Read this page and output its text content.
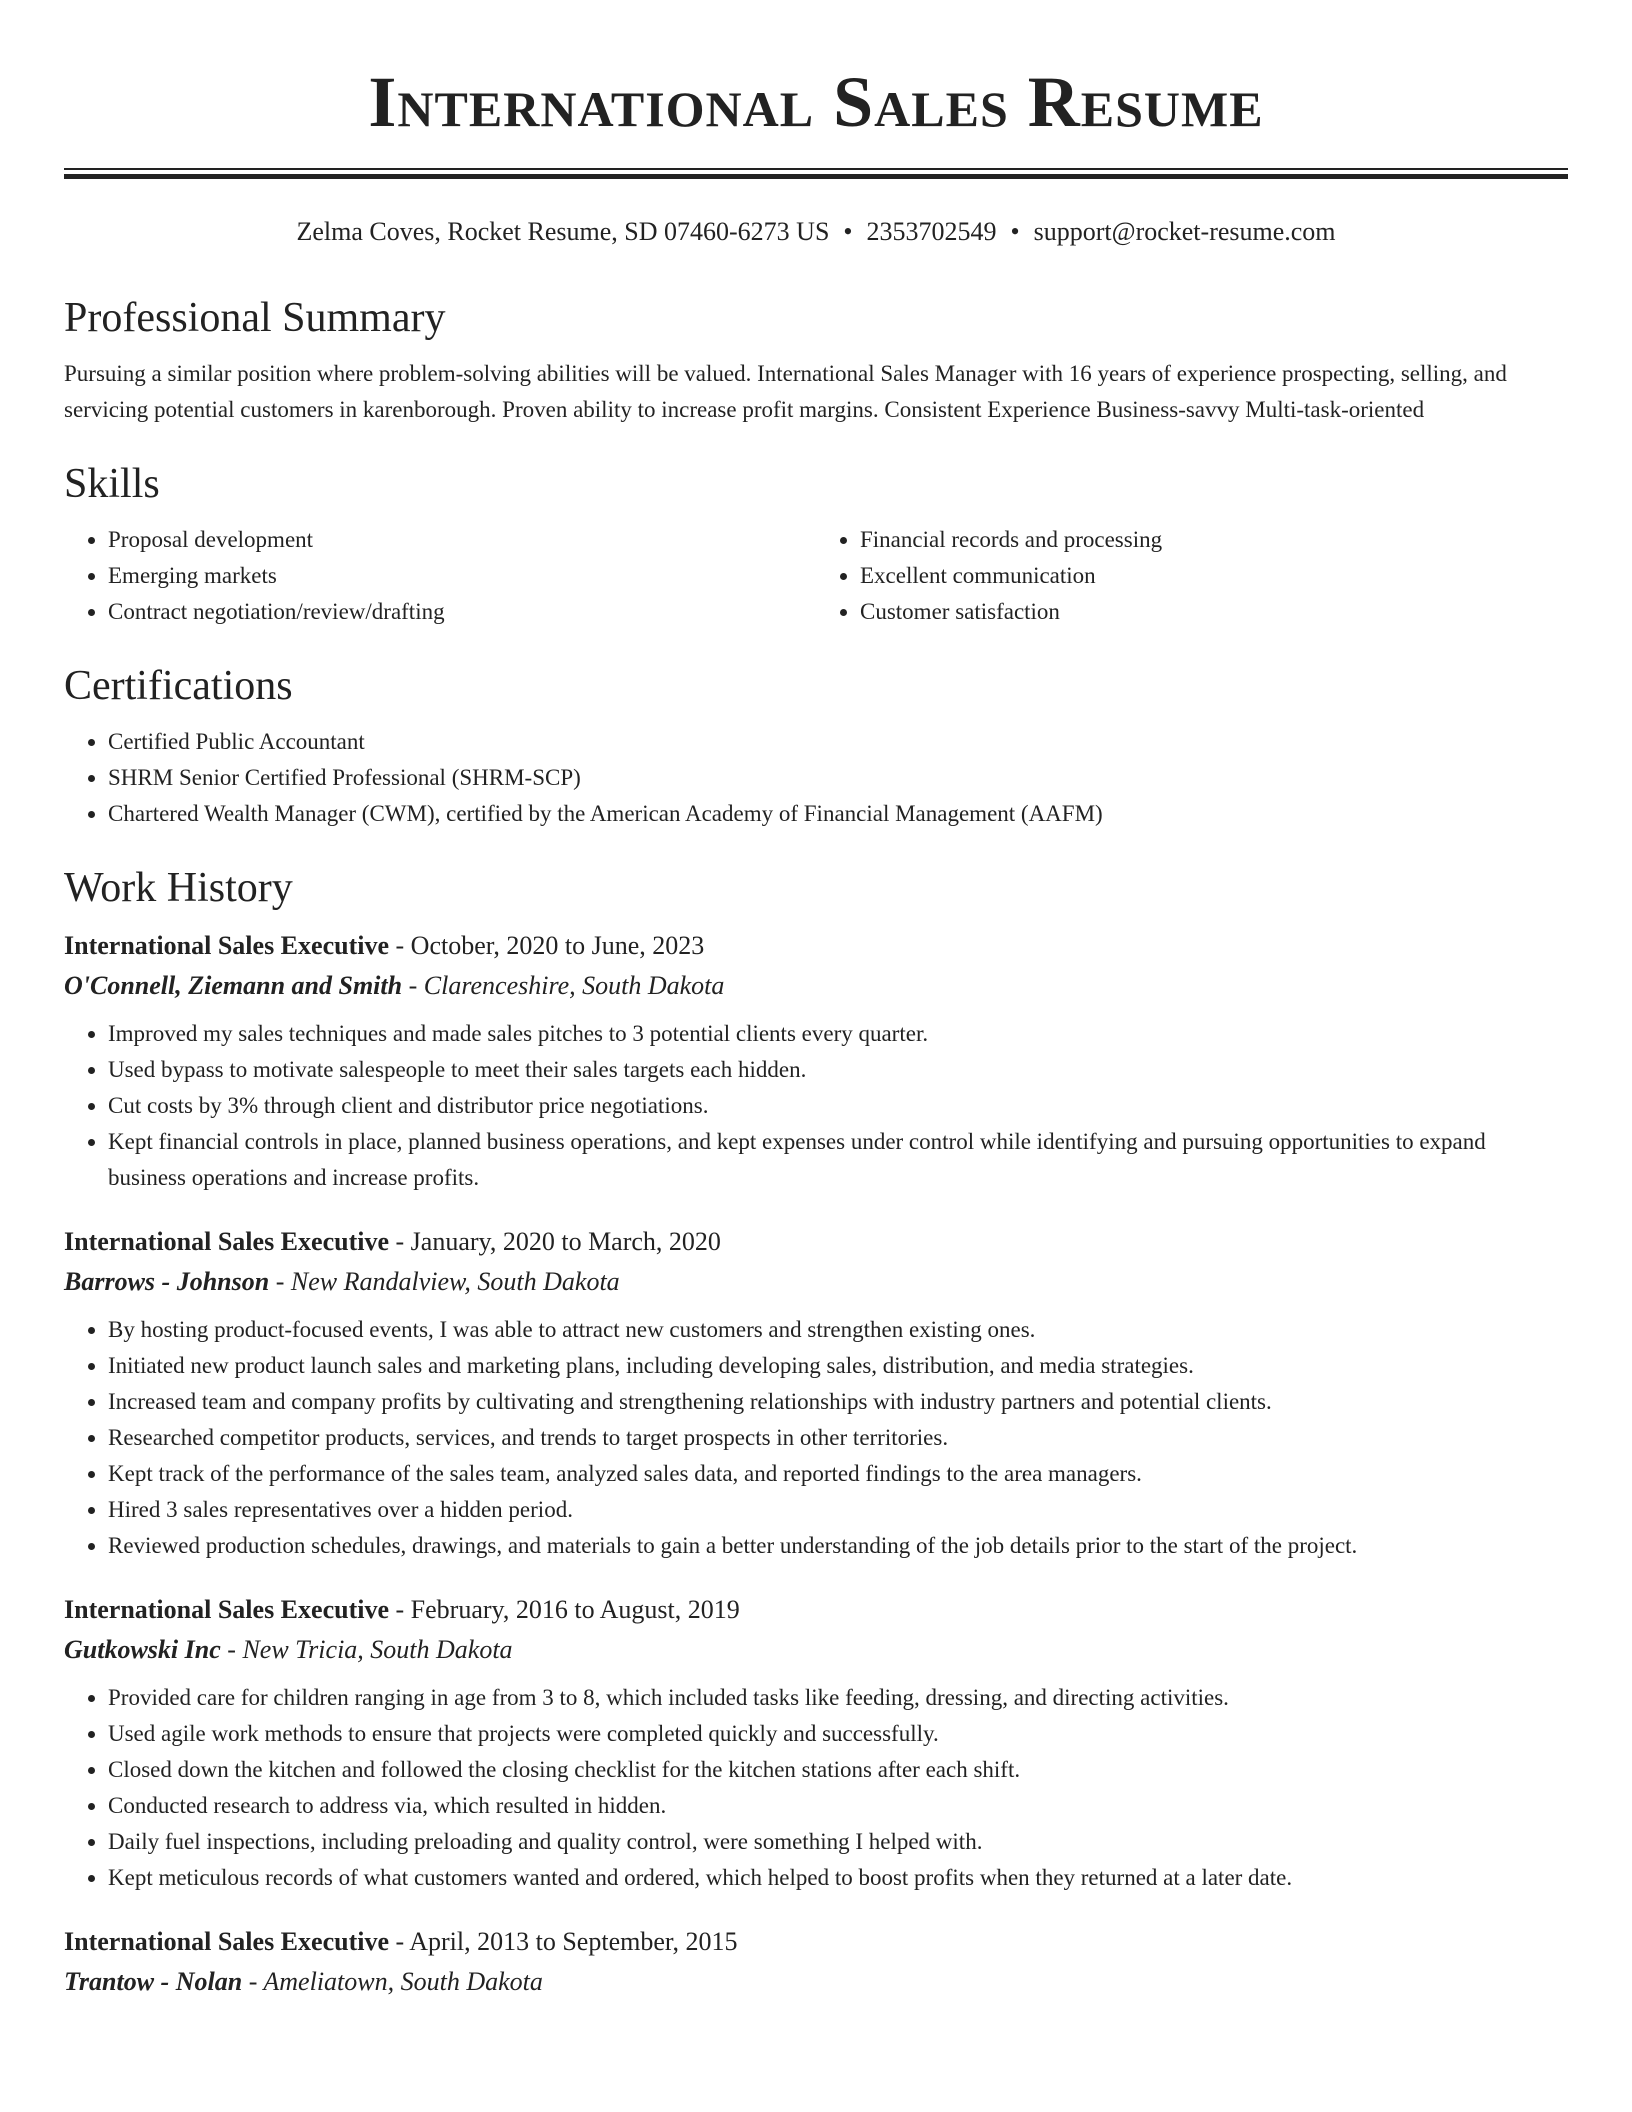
International Sales Resume
Zelma Coves, Rocket Resume, SD 07460-6273 US • 2353702549 • support@rocket-resume.com
Professional Summary

Pursuing a similar position where problem-solving abilities will be valued. International Sales Manager with 16 years of experience prospecting, selling, and servicing potential customers in karenborough. Proven ability to increase profit margins. Consistent Experience Business-savvy Multi-task-oriented

Skills
• Proposal development
• Emerging markets
• Contract negotiation/review/drafting
• Financial records and processing
• Excellent communication
• Customer satisfaction
Certifications
• Certified Public Accountant
• SHRM Senior Certified Professional (SHRM-SCP)
• Chartered Wealth Manager (CWM), certified by the American Academy of Financial Management (AAFM)
Work History
International Sales Executive - October, 2020 to June, 2023
O'Connell, Ziemann and Smith - Clarenceshire, South Dakota
• Improved my sales techniques and made sales pitches to 3 potential clients every quarter.
• Used bypass to motivate salespeople to meet their sales targets each hidden.
• Cut costs by 3% through client and distributor price negotiations.
• Kept financial controls in place, planned business operations, and kept expenses under control while identifying and pursuing opportunities to expand business operations and increase profits.
International Sales Executive - January, 2020 to March, 2020
Barrows - Johnson - New Randalview, South Dakota
• By hosting product-focused events, I was able to attract new customers and strengthen existing ones.
• Initiated new product launch sales and marketing plans, including developing sales, distribution, and media strategies.
• Increased team and company profits by cultivating and strengthening relationships with industry partners and potential clients.
• Researched competitor products, services, and trends to target prospects in other territories.
• Kept track of the performance of the sales team, analyzed sales data, and reported findings to the area managers.
• Hired 3 sales representatives over a hidden period.
• Reviewed production schedules, drawings, and materials to gain a better understanding of the job details prior to the start of the project.
International Sales Executive - February, 2016 to August, 2019
Gutkowski Inc - New Tricia, South Dakota
• Provided care for children ranging in age from 3 to 8, which included tasks like feeding, dressing, and directing activities.
• Used agile work methods to ensure that projects were completed quickly and successfully.
• Closed down the kitchen and followed the closing checklist for the kitchen stations after each shift.
• Conducted research to address via, which resulted in hidden.
• Daily fuel inspections, including preloading and quality control, were something I helped with.
• Kept meticulous records of what customers wanted and ordered, which helped to boost profits when they returned at a later date.
International Sales Executive - April, 2013 to September, 2015
Trantow - Nolan - Ameliatown, South Dakota
